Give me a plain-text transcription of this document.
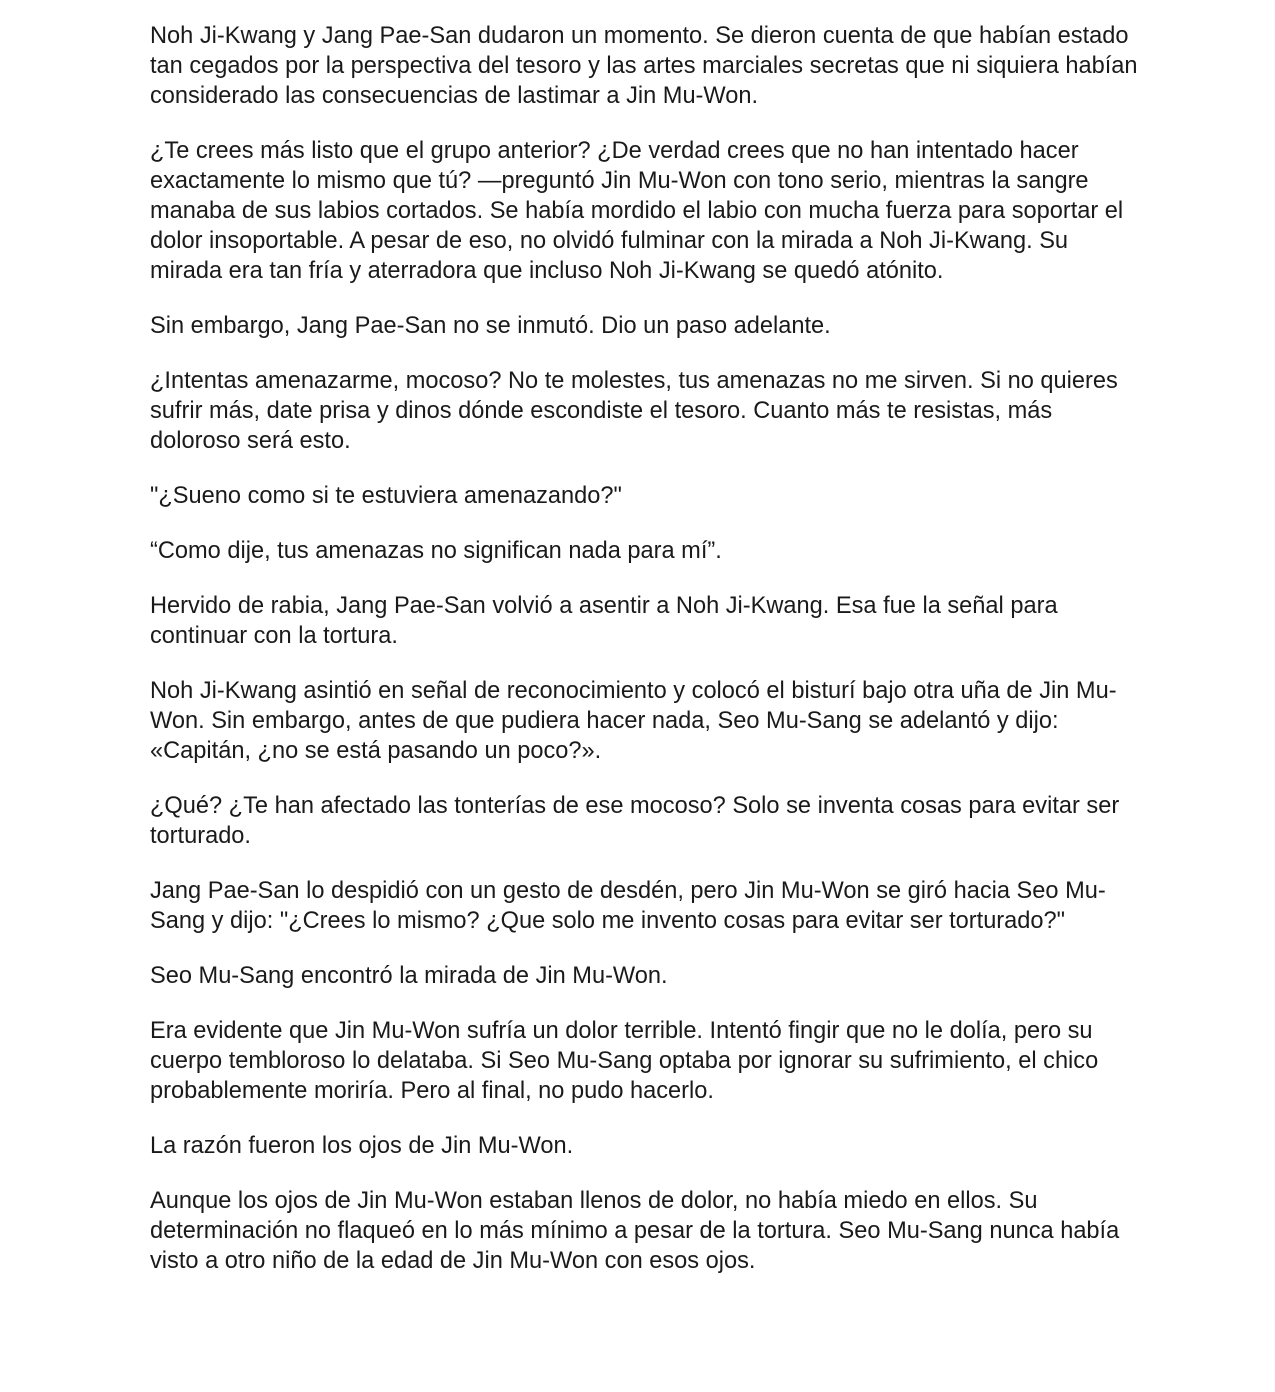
Noh Ji-Kwang y Jang Pae-San dudaron un momento. Se dieron cuenta de que habían estado tan cegados por la perspectiva del tesoro y las artes marciales secretas que ni siquiera habían considerado las consecuencias de lastimar a Jin Mu-Won.

¿Te crees más listo que el grupo anterior? ¿De verdad crees que no han intentado hacer exactamente lo mismo que tú? —preguntó Jin Mu-Won con tono serio, mientras la sangre manaba de sus labios cortados. Se había mordido el labio con mucha fuerza para soportar el dolor insoportable. A pesar de eso, no olvidó fulminar con la mirada a Noh Ji-Kwang. Su mirada era tan fría y aterradora que incluso Noh Ji-Kwang se quedó atónito.

Sin embargo, Jang Pae-San no se inmutó. Dio un paso adelante.

¿Intentas amenazarme, mocoso? No te molestes, tus amenazas no me sirven. Si no quieres sufrir más, date prisa y dinos dónde escondiste el tesoro. Cuanto más te resistas, más doloroso será esto.

"¿Sueno como si te estuviera amenazando?"

“Como dije, tus amenazas no significan nada para mí”.

Hervido de rabia, Jang Pae-San volvió a asentir a Noh Ji-Kwang. Esa fue la señal para continuar con la tortura.

Noh Ji-Kwang asintió en señal de reconocimiento y colocó el bisturí bajo otra uña de Jin Mu-Won. Sin embargo, antes de que pudiera hacer nada, Seo Mu-Sang se adelantó y dijo: «Capitán, ¿no se está pasando un poco?».

¿Qué? ¿Te han afectado las tonterías de ese mocoso? Solo se inventa cosas para evitar ser torturado.

Jang Pae-San lo despidió con un gesto de desdén, pero Jin Mu-Won se giró hacia Seo Mu-Sang y dijo: "¿Crees lo mismo? ¿Que solo me invento cosas para evitar ser torturado?"

Seo Mu-Sang encontró la mirada de Jin Mu-Won.

Era evidente que Jin Mu-Won sufría un dolor terrible. Intentó fingir que no le dolía, pero su cuerpo tembloroso lo delataba. Si Seo Mu-Sang optaba por ignorar su sufrimiento, el chico probablemente moriría. Pero al final, no pudo hacerlo.

La razón fueron los ojos de Jin Mu-Won.

Aunque los ojos de Jin Mu-Won estaban llenos de dolor, no había miedo en ellos. Su determinación no flaqueó en lo más mínimo a pesar de la tortura. Seo Mu-Sang nunca había visto a otro niño de la edad de Jin Mu-Won con esos ojos.
